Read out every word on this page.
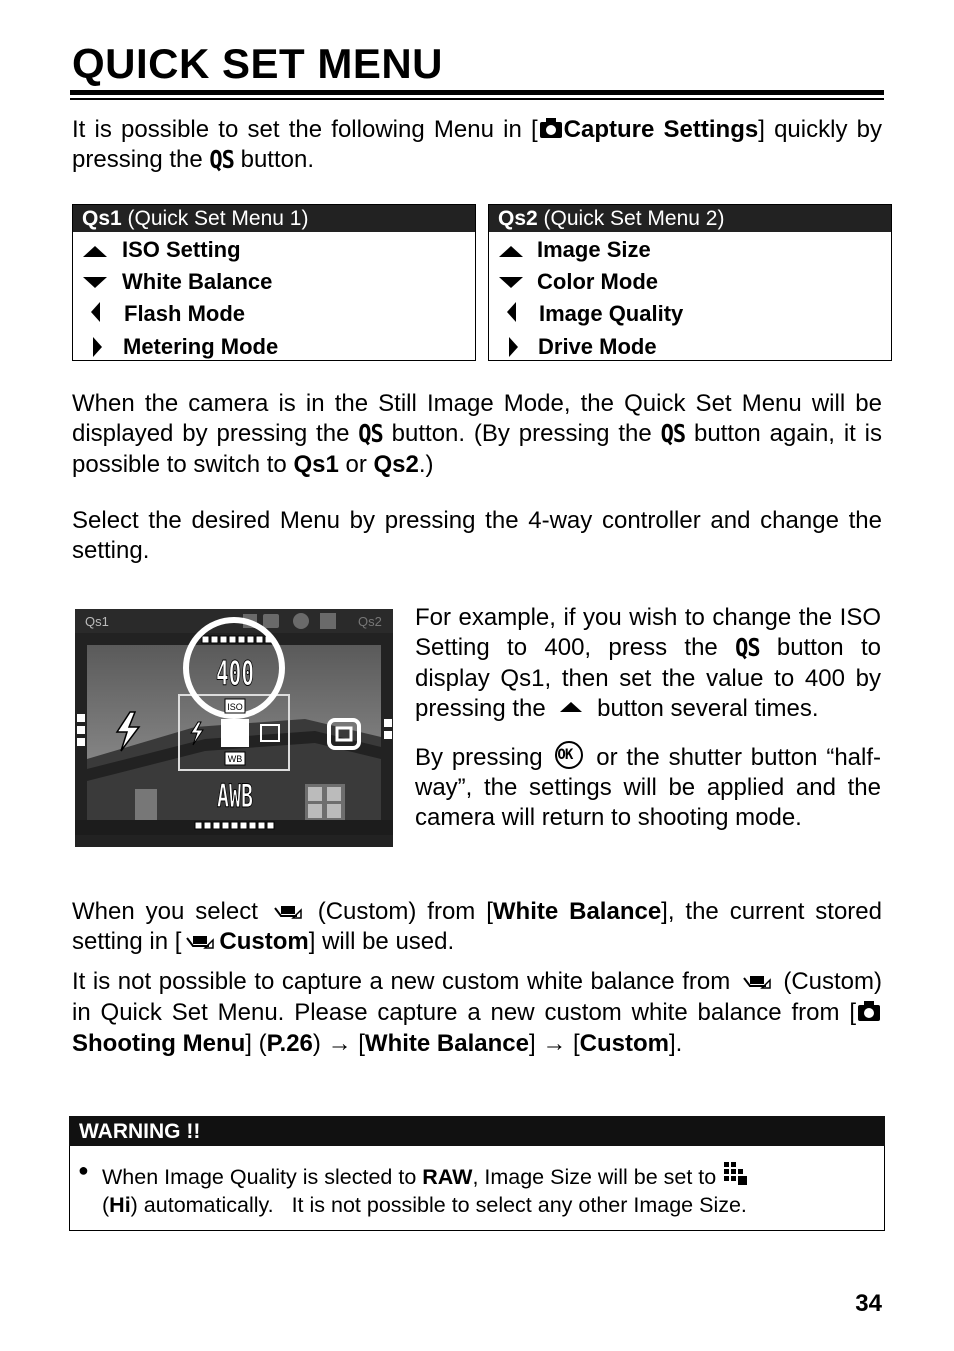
QUICK SET MENU
It is possible to set the following Menu in [ Capture Settings] quickly by pressing the QS button.
Qs1 (Quick Set Menu 1)
ISO Setting
White Balance
Flash Mode
Metering Mode
Qs2 (Quick Set Menu 2)
Image Size
Color Mode
Image Quality
Drive Mode
When the camera is in the Still Image Mode, the Quick Set Menu will be displayed by pressing the QS button. (By pressing the QS button again, it is possible to switch to Qs1 or Qs2.)
Select the desired Menu by pressing the 4-way controller and change the setting.
Qs1	Qs2
400
ISO
WB
AWB
For example, if you wish to change the ISO Setting to 400, press the QS button to display Qs1, then set the value to 400 by pressing the  button several times.
By pressing OK or the shutter button “half-way”, the settings will be applied and the camera will return to shooting mode.
When you select
(Custom) from [White Balance], the current stored setting in [ Custom] will be used.
It is not possible to capture a new custom white balance from
(Custom) in Quick Set Menu. Please capture a new custom white balance from [ Shooting Menu] (P.26) → [White Balance] → [Custom].
WARNING !!
● When Image Quality is slected to RAW, Image Size will be set to
(Hi) automatically.   It is not possible to select any other Image Size.
34
